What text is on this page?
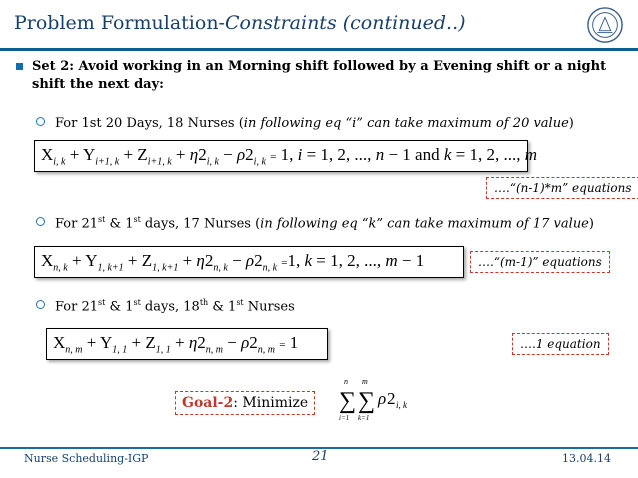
Problem Formulation-Constraints (continued..)
Set 2: Avoid working in an Morning shift followed by a Evening shift or a night shift the next day:
For 1st 20 Days, 18 Nurses (in following eq “i” can take maximum of 20 value)
$X_{i, k} + Y_{i+1, k} + Z_{i+1, k} + \eta 2_{i, k} - \rho 2_{i, k} = 1$, i = 1, 2, ..., n − 1 and k = 1, 2, ..., m
….“(n-1)*m” equations
For 21st & 1st days, 17 Nurses (in following eq “k” can take maximum of 17 value)
$X_{n, k} + Y_{1, k+1} + Z_{1, k+1} + \eta 2_{n, k} - \rho 2_{n, k} =1$, k = 1, 2, ..., m − 1	….“(m-1)” equations
For 21st & 1st days, 18th & 1st Nurses
$X_{n, m} + Y_{1, 1} + Z_{1, 1} + \eta 2_{n, m} - \rho 2_{n, m} = 1$	….1 equation
Goal-2: Minimize
n
∑
i=1
m
∑
k=1
ρ 2 i, k
Nurse Scheduling-IGP	21	13.04.14
